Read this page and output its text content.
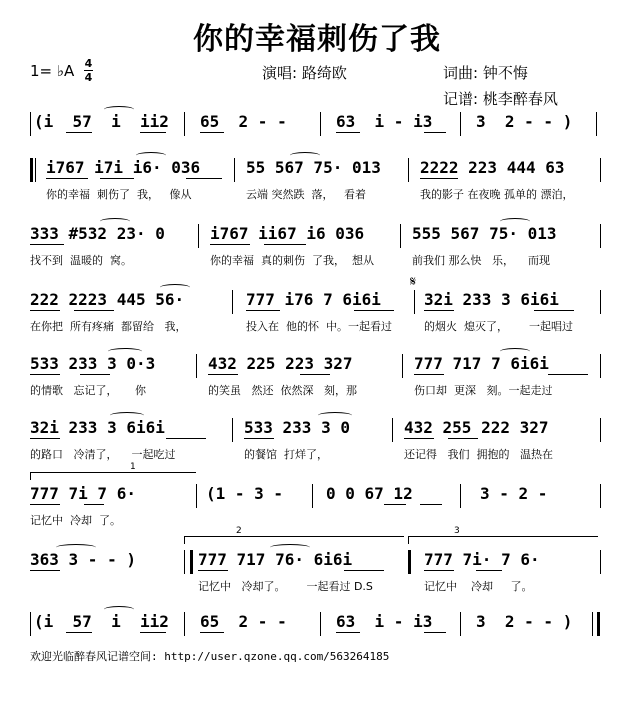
你的幸福刺伤了我
1= ♭A 4
4	演唱: 路绮欧	词曲: 钟不悔
记谱: 桃李醉春风

(i  57  i  ii2

65  2 - -

	63  i - i3

	3  2 - - )

i767 i7i i6· 036

	55 567 75· 013

2222 223 444 63

你的幸福  刺伤了  我，   像从	云端 突然跌  落，   看着	我的影子 在夜晚 孤单的 漂泊，

333 #532 23· 0

	i767 ii67 i6 036

	555 567 75· 013

找不到  温暖的  窝。	你的幸福  真的刺伤  了我，  想从	前我们 那么快   乐，    而现

222 2223 445 56·

	777 i76 7 6i6i

	32i 233 3 6i6i

𝄋
在你把  所有疼痛  都留给   我，	投入在  他的怀  中。一起看过	的烟火  熄灭了，      一起唱过

533 233 3 0·3

	432 225 223 327

	777 717 7 6i6i

的情歌   忘记了，     你	的笑虽   然还  依然深   刻，那	伤口却  更深   刻。一起走过

32i 233 3 6i6i

	533 233 3 0

	432 255 222 327

的路口   冷清了，    一起吃过	的餐馆  打烊了，	还记得   我们  拥抱的   温热在
1

777 7i 7 6·

	(1 - 3 -

	0 0 67 12

	3 - 2 -

记忆中  冷却  了。
2	3

363 3 - - )

	777 717 76· 6i6i

	777 7i· 7 6·

记忆中   冷却了。      一起看过 D.S	记忆中    冷却     了。

(i  57  i  ii2

65  2 - -

	63  i - i3

	3  2 - - )

欢迎光临醉春风记谱空间: http://user.qzone.qq.com/563264185
